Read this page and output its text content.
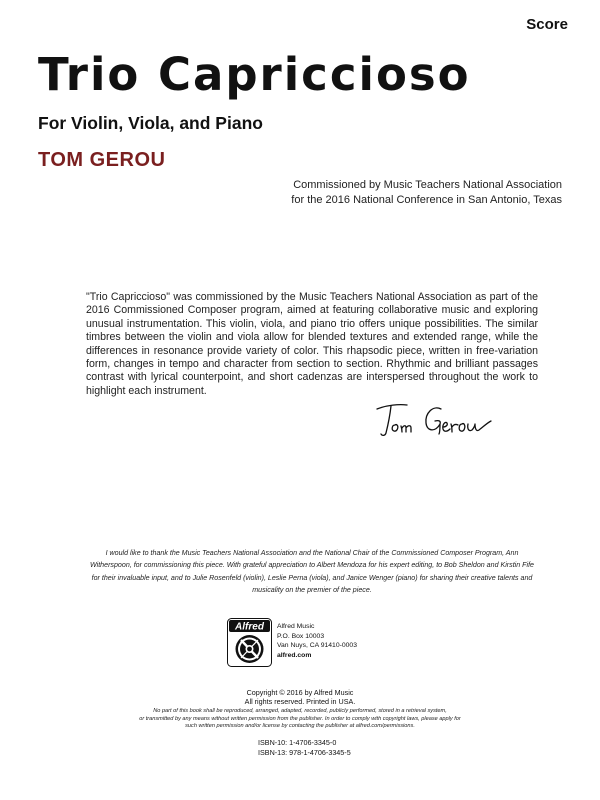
Score
Trio Capriccioso
For Violin, Viola, and Piano
TOM GEROU
Commissioned by Music Teachers National Association
for the 2016 National Conference in San Antonio, Texas

"Trio Capriccioso" was commissioned by the Music Teachers National Association as part of the 2016 Commissioned Composer program, aimed at featuring collaborative music and exploring unusual instrumentation. This violin, viola, and piano trio offers unique possibilities. The similar timbres between the violin and viola allow for blended textures and extended range, while the differences in resonance provide variety of color. This rhapsodic piece, written in free-variation form, changes in tempo and character from section to section. Rhythmic and brilliant passages contrast with lyrical counterpoint, and short cadenzas are interspersed throughout the work to highlight each instrument.

I would like to thank the Music Teachers National Association and the National Chair of the Commissioned Composer Program, Ann Witherspoon, for commissioning this piece. With grateful appreciation to Albert Mendoza for his expert editing, to Bob Sheldon and Kirstin Fife for their invaluable input, and to Julie Rosenfeld (violin), Leslie Perna (viola), and Janice Wenger (piano) for sharing their creative talents and musicality on the premier of the piece.

Alfred Alfred Music
P.O. Box 10003
Van Nuys, CA 91410-0003
alfred.com
Copyright © 2016 by Alfred Music
All rights reserved. Printed in USA.
No part of this book shall be reproduced, arranged, adapted, recorded, publicly performed, stored in a retrieval system,
or transmitted by any means without written permission from the publisher. In order to comply with copyright laws, please apply for
such written permission and/or license by contacting the publisher at alfred.com/permissions.
ISBN-10: 1-4706-3345-0
ISBN-13: 978-1-4706-3345-5
